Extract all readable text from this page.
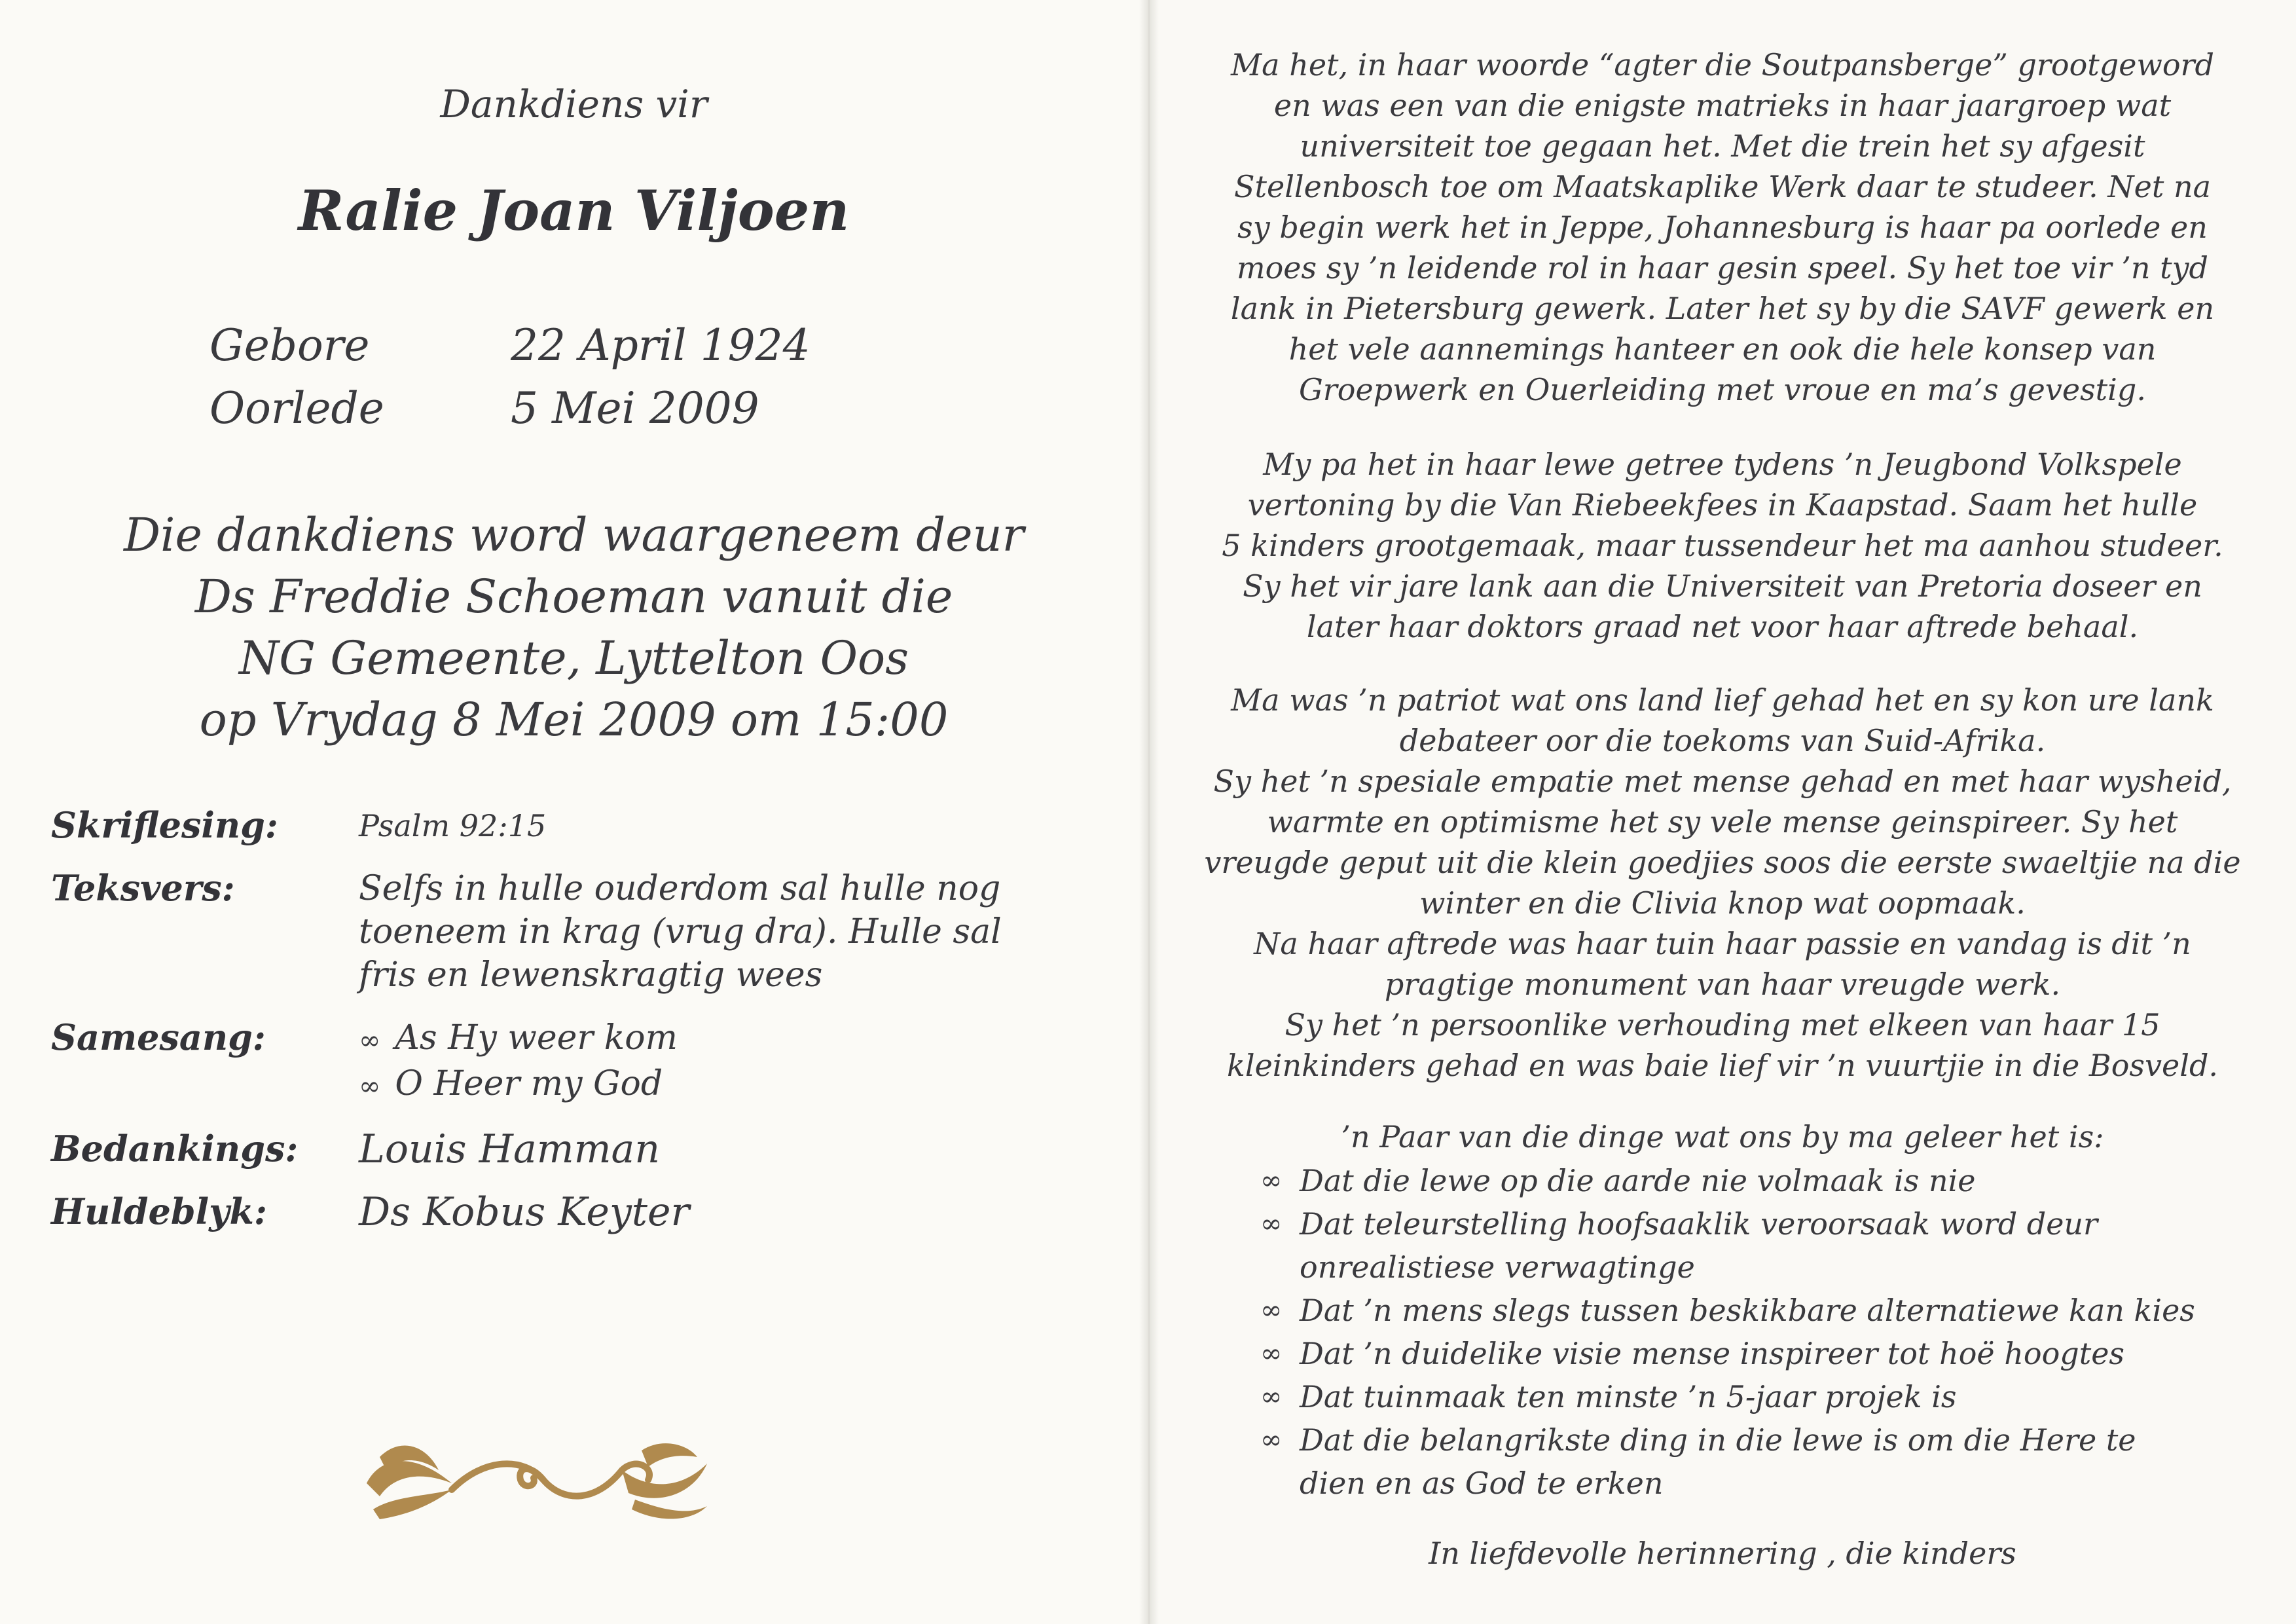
Dankdiens vir
Ralie Joan Viljoen
Gebore	22 April 1924
Oorlede	5 Mei 2009
Die dankdiens word waargeneem deur
Ds Freddie Schoeman vanuit die
NG Gemeente, Lyttelton Oos
op Vrydag 8 Mei 2009 om 15:00
Skriflesing:	Psalm 92:15
Teksvers:	Selfs in hulle ouderdom sal hulle nog
toeneem in krag (vrug dra). Hulle sal
fris en lewenskragtig wees
Samesang:	∞ As Hy weer kom
∞ O Heer my God
Bedankings:	Louis Hamman
Huldeblyk:	Ds Kobus Keyter
Ma het, in haar woorde “agter die Soutpansberge” grootgeword
en was een van die enigste matrieks in haar jaargroep wat
universiteit toe gegaan het. Met die trein het sy afgesit
Stellenbosch toe om Maatskaplike Werk daar te studeer. Net na
sy begin werk het in Jeppe, Johannesburg is haar pa oorlede en
moes sy ’n leidende rol in haar gesin speel. Sy het toe vir ’n tyd
lank in Pietersburg gewerk. Later het sy by die SAVF gewerk en
het vele aannemings hanteer en ook die hele konsep van
Groepwerk en Ouerleiding met vroue en ma’s gevestig.
My pa het in haar lewe getree tydens ’n Jeugbond Volkspele
vertoning by die Van Riebeekfees in Kaapstad. Saam het hulle
5 kinders grootgemaak, maar tussendeur het ma aanhou studeer.
Sy het vir jare lank aan die Universiteit van Pretoria doseer en
later haar doktors graad net voor haar aftrede behaal.
Ma was ’n patriot wat ons land lief gehad het en sy kon ure lank
debateer oor die toekoms van Suid-Afrika.
Sy het ’n spesiale empatie met mense gehad en met haar wysheid,
warmte en optimisme het sy vele mense geinspireer. Sy het
vreugde geput uit die klein goedjies soos die eerste swaeltjie na die
winter en die Clivia knop wat oopmaak.
Na haar aftrede was haar tuin haar passie en vandag is dit ’n
pragtige monument van haar vreugde werk.
Sy het ’n persoonlike verhouding met elkeen van haar 15
kleinkinders gehad en was baie lief vir ’n vuurtjie in die Bosveld.
’n Paar van die dinge wat ons by ma geleer het is:
∞ Dat die lewe op die aarde nie volmaak is nie
∞ Dat teleurstelling hoofsaaklik veroorsaak word deur
onrealistiese verwagtinge
∞ Dat ’n mens slegs tussen beskikbare alternatiewe kan kies
∞ Dat ’n duidelike visie mense inspireer tot hoë hoogtes
∞ Dat tuinmaak ten minste ’n 5-jaar projek is
∞ Dat die belangrikste ding in die lewe is om die Here te
dien en as God te erken
In liefdevolle herinnering , die kinders
